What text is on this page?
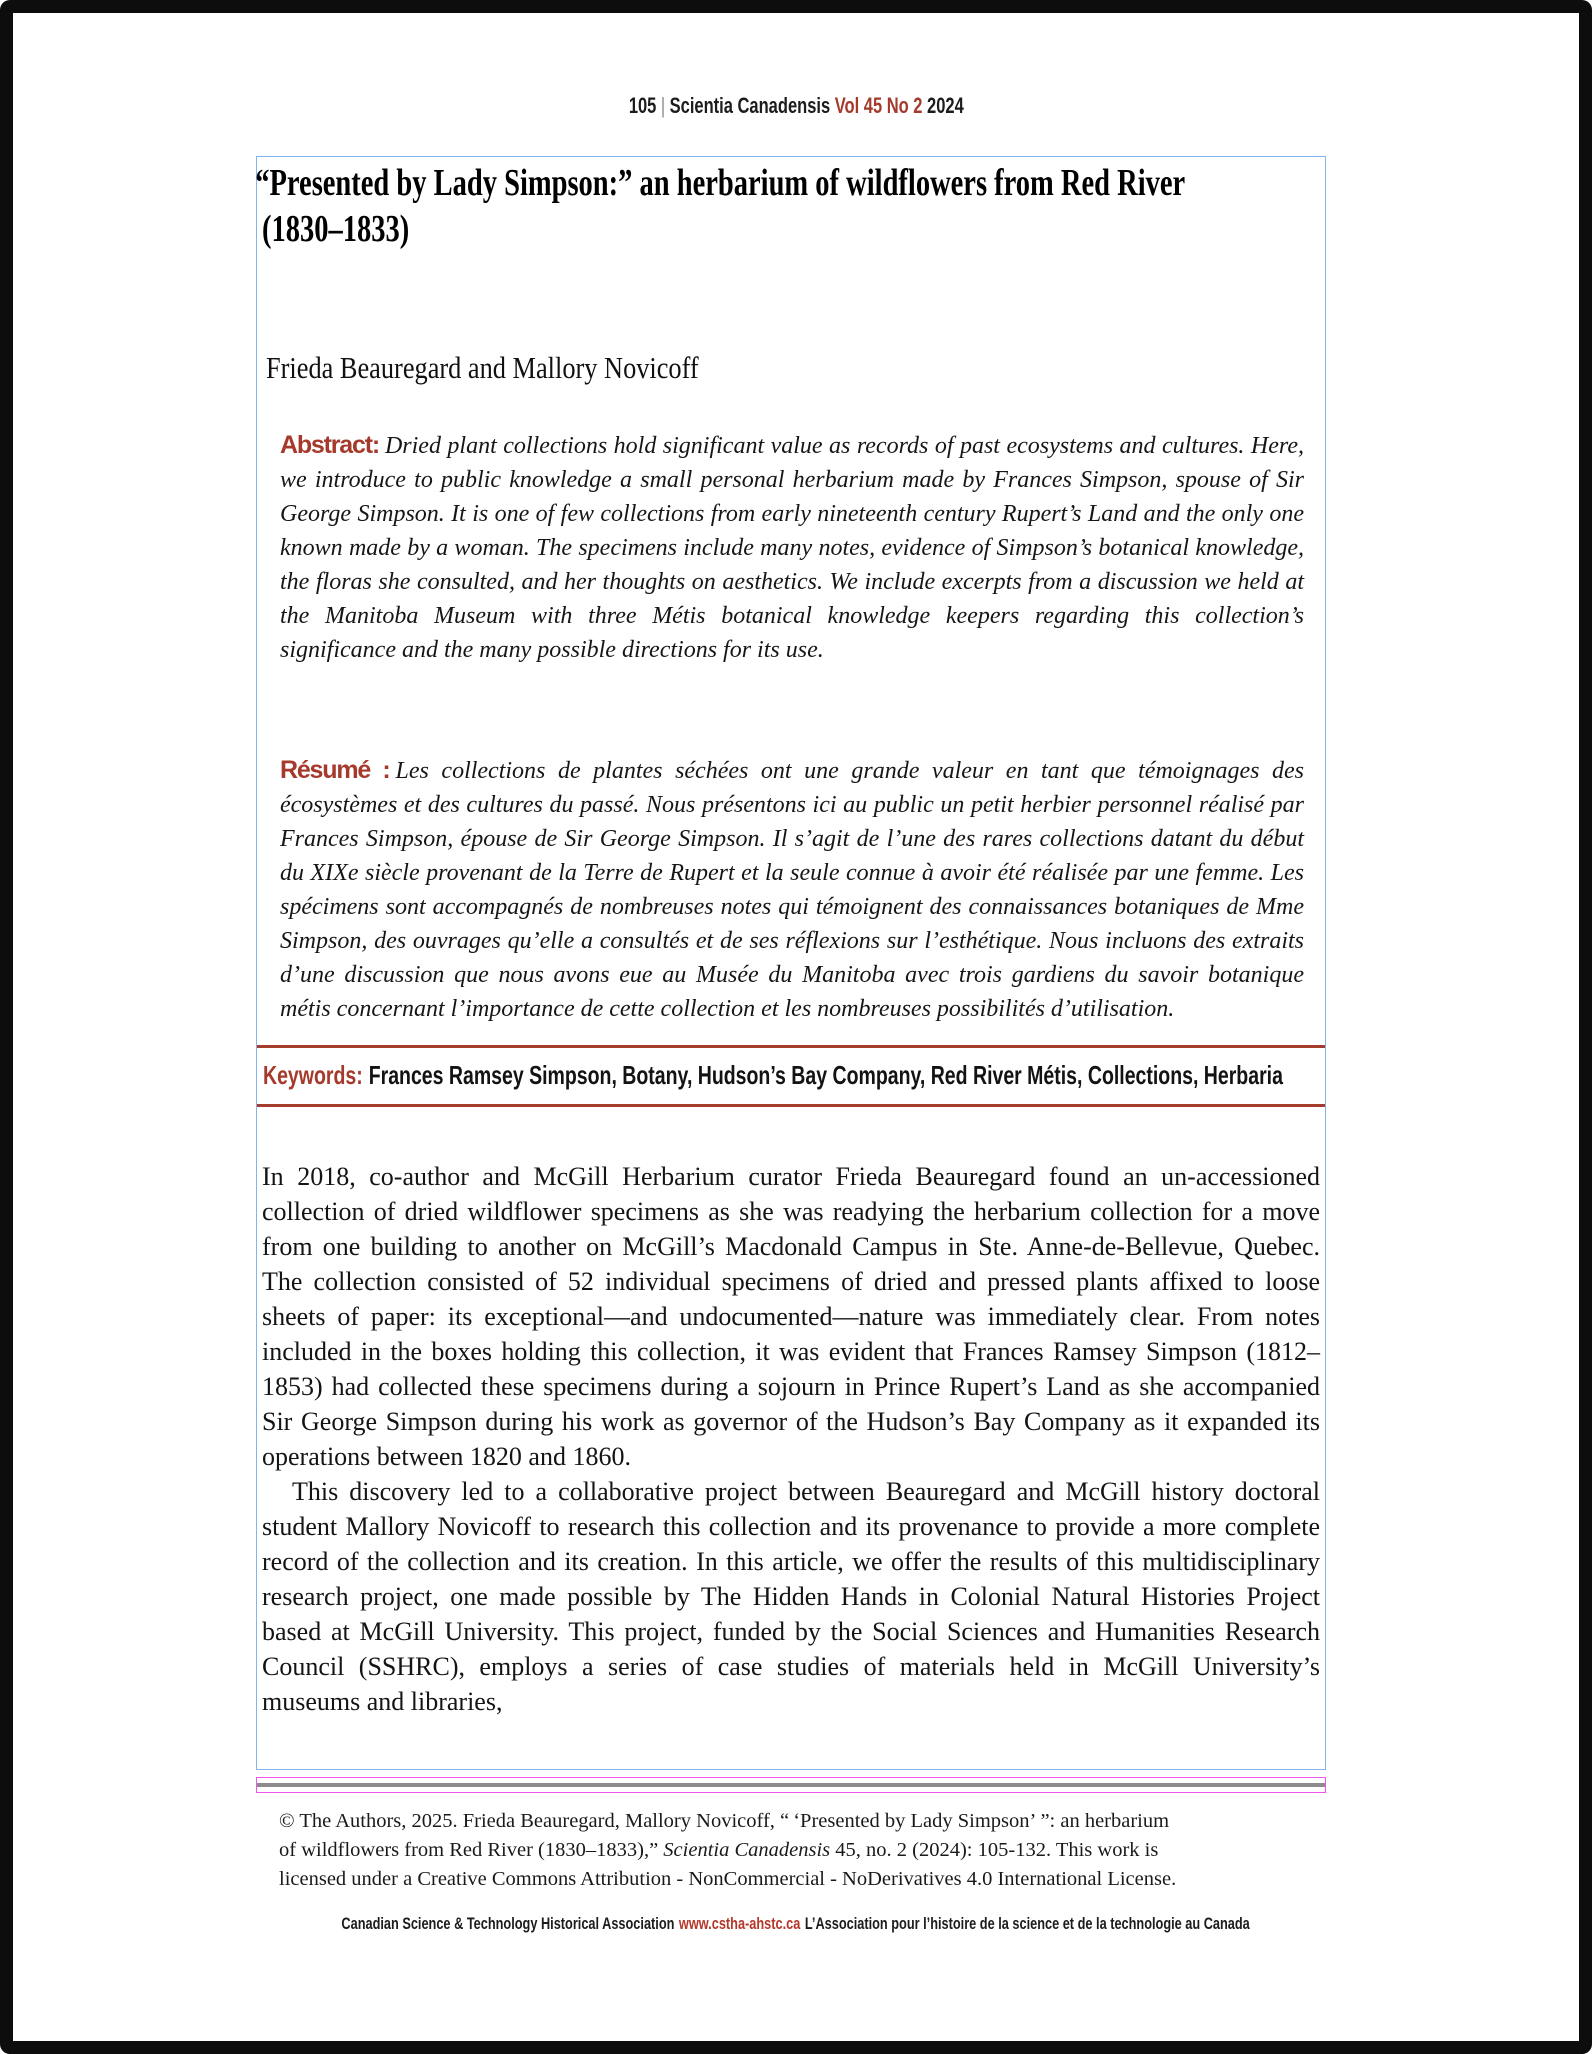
105 | Scientia Canadensis Vol 45 No 2 2024
“Presented by Lady Simpson:” an herbarium of wildflowers from Red River
(1830–1833)
Frieda Beauregard and Mallory Novicoff

Abstract: Dried plant collections hold significant value as records of past ecosystems and cultures. Here, we introduce to public knowledge a small personal herbarium made by Frances Simpson, spouse of Sir George Simpson. It is one of few collections from early nineteenth century Rupert’s Land and the only one known made by a woman. The specimens include many notes, evidence of Simpson’s botanical knowledge, the floras she consulted, and her thoughts on aesthetics. We include excerpts from a discussion we held at the Manitoba Museum with three Métis botanical knowledge keepers regarding this collection’s significance and the many possible directions for its use.

Résumé : Les collections de plantes séchées ont une grande valeur en tant que témoignages des écosystèmes et des cultures du passé. Nous présentons ici au public un petit herbier personnel réalisé par Frances Simpson, épouse de Sir George Simpson. Il s’agit de l’une des rares collections datant du début du XIXe siècle provenant de la Terre de Rupert et la seule connue à avoir été réalisée par une femme. Les spécimens sont accompagnés de nombreuses notes qui témoignent des connaissances botaniques de Mme Simpson, des ouvrages qu’elle a consultés et de ses réflexions sur l’esthétique. Nous incluons des extraits d’une discussion que nous avons eue au Musée du Manitoba avec trois gardiens du savoir botanique métis concernant l’importance de cette collection et les nombreuses possibilités d’utilisation.

Keywords: Frances Ramsey Simpson, Botany, Hudson’s Bay Company, Red River Métis, Collections, Herbaria

In 2018, co-author and McGill Herbarium curator Frieda Beauregard found an un-accessioned collection of dried wildflower specimens as she was readying the herbarium collection for a move from one building to another on McGill’s Macdonald Campus in Ste. Anne-de-Bellevue, Quebec. The collection consisted of 52 individual specimens of dried and pressed plants affixed to loose sheets of paper: its exceptional—and undocumented—nature was immediately clear. From notes included in the boxes holding this collection, it was evident that Frances Ramsey Simpson (1812–1853) had collected these specimens during a sojourn in Prince Rupert’s Land as she accompanied Sir George Simpson during his work as governor of the Hudson’s Bay Company as it expanded its operations between 1820 and 1860.

This discovery led to a collaborative project between Beauregard and McGill history doctoral student Mallory Novicoff to research this collection and its provenance to provide a more complete record of the collection and its creation. In this article, we offer the results of this multidisciplinary research project, one made possible by The Hidden Hands in Colonial Natural Histories Project based at McGill University. This project, funded by the Social Sciences and Humanities Research Council (SSHRC), employs a series of case studies of materials held in McGill University’s museums and libraries,

© The Authors, 2025. Frieda Beauregard, Mallory Novicoff, “ ‘Presented by Lady Simpson’ ”: an herbarium
of wildflowers from Red River (1830–1833),” Scientia Canadensis 45, no. 2 (2024): 105-132. This work is
licensed under a Creative Commons Attribution - NonCommercial - NoDerivatives 4.0 International License.
Canadian Science & Technology Historical Association www.cstha-ahstc.ca L’Association pour l’histoire de la science et de la technologie au Canada
